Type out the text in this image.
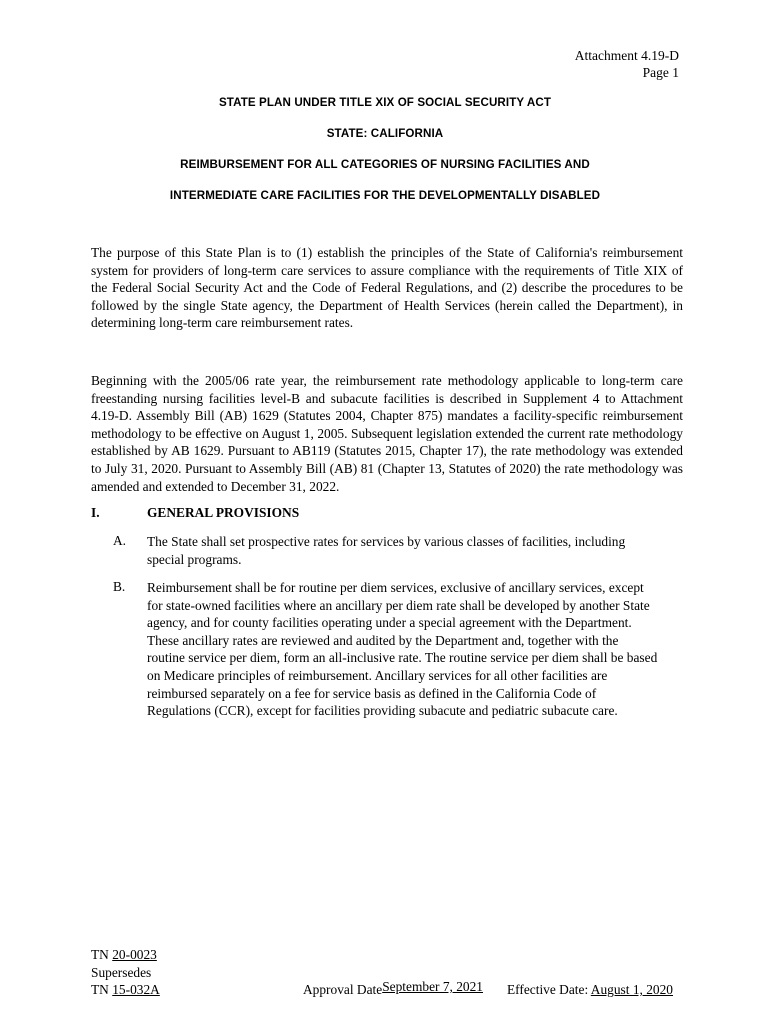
Attachment 4.19-D
Page 1
STATE PLAN UNDER TITLE XIX OF SOCIAL SECURITY ACT
STATE: CALIFORNIA
REIMBURSEMENT FOR ALL CATEGORIES OF NURSING FACILITIES AND
INTERMEDIATE CARE FACILITIES FOR THE DEVELOPMENTALLY DISABLED
The purpose of this State Plan is to (1) establish the principles of the State of California's reimbursement system for providers of long-term care services to assure compliance with the requirements of Title XIX of the Federal Social Security Act and the Code of Federal Regulations, and (2) describe the procedures to be followed by the single State agency, the Department of Health Services (herein called the Department), in determining long-term care reimbursement rates.
Beginning with the 2005/06 rate year, the reimbursement rate methodology applicable to long-term care freestanding nursing facilities level-B and subacute facilities is described in Supplement 4 to Attachment 4.19-D. Assembly Bill (AB) 1629 (Statutes 2004, Chapter 875) mandates a facility-specific reimbursement methodology to be effective on August 1, 2005. Subsequent legislation extended the current rate methodology established by AB 1629. Pursuant to AB119 (Statutes 2015, Chapter 17), the rate methodology was extended to July 31, 2020. Pursuant to Assembly Bill (AB) 81 (Chapter 13, Statutes of 2020) the rate methodology was amended and extended to December 31, 2022.
I.	GENERAL PROVISIONS
A. The State shall set prospective rates for services by various classes of facilities, including special programs.
B. Reimbursement shall be for routine per diem services, exclusive of ancillary services, except for state-owned facilities where an ancillary per diem rate shall be developed by another State agency, and for county facilities operating under a special agreement with the Department. These ancillary rates are reviewed and audited by the Department and, together with the routine service per diem, form an all-inclusive rate. The routine service per diem shall be based on Medicare principles of reimbursement. Ancillary services for all other facilities are reimbursed separately on a fee for service basis as defined in the California Code of Regulations (CCR), except for facilities providing subacute and pediatric subacute care.
TN 20-0023
Supersedes
TN 15-032A	Approval DateSeptember 7, 2021 Effective Date: August 1, 2020
